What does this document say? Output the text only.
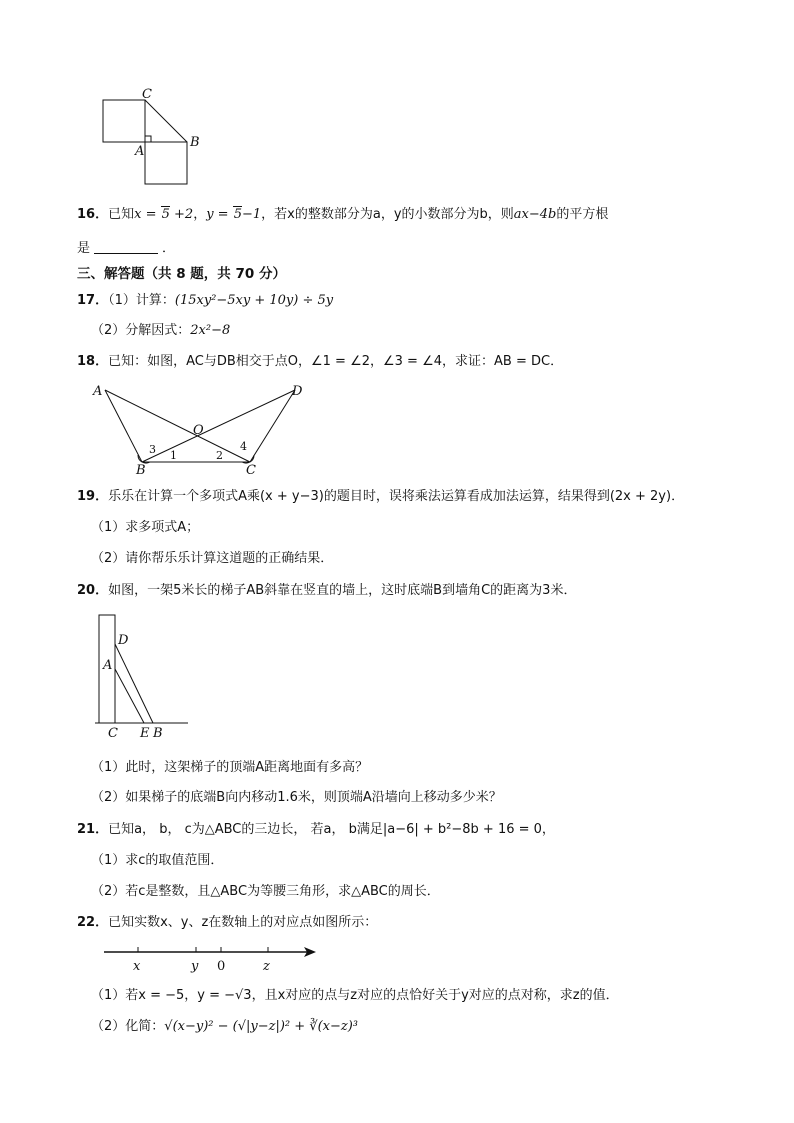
C
A
B
16．已知x = 5 +2，y = 5−1，若x的整数部分为a，y的小数部分为b，则ax−4b的平方根
是	．
三、解答题（共 8 题，共 70 分）
17．（1）计算：(15xy²−5xy + 10y) ÷ 5y
（2）分解因式：2x²−8
18．已知：如图，AC与DB相交于点O，∠1 = ∠2，∠3 = ∠4，求证：AB = DC．
A	D
O
B	C
1	2
3	4
19．乐乐在计算一个多项式A乘(x + y−3)的题目时，误将乘法运算看成加法运算，结果得到(2x + 2y)．
（1）求多项式A；
（2）请你帮乐乐计算这道题的正确结果．
20．如图，一架5米长的梯子AB斜靠在竖直的墙上，这时底端B到墙角C的距离为3米．
D
A
C E B
（1）此时，这架梯子的顶端A距离地面有多高？
（2）如果梯子的底端B向内移动1.6米，则顶端A沿墙向上移动多少米？
21．已知a， b， c为△ABC的三边长， 若a， b满足|a−6| + b²−8b + 16 = 0，
（1）求c的取值范围．
（2）若c是整数，且△ABC为等腰三角形，求△ABC的周长．
22．已知实数x、y、z在数轴上的对应点如图所示：
x	y 0	z
（1）若x = −5，y = −√3，且x对应的点与z对应的点恰好关于y对应的点对称，求z的值．
（2）化简：√(x−y)² − (√|y−z|)² + ∛(x−z)³
